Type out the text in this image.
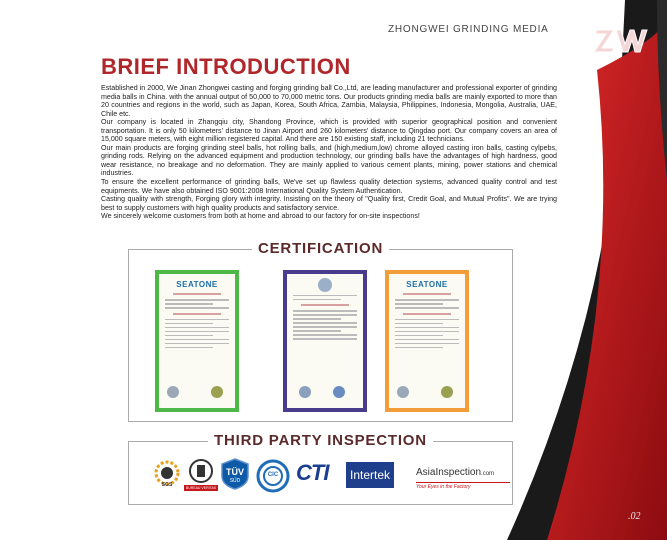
ZHONGWEI GRINDING MEDIA
BRIEF INTRODUCTION

Established in 2000, We Jinan Zhongwei casting and forging grinding ball Co.,Ltd, are leading manufacturer and professional exporter of grinding media balls in China. with the annual output of 50,000 to 70,000 metric tons. Our products grinding media balls are mainly exported to more than 20 countries and regions in the world, such as Japan, Korea, South Africa, Zambia, Malaysia, Philippines, Indonesia, Mongolia, Australia, UAE, Chile etc.

Our company is located in Zhangqiu city, Shandong Province, which is provided with superior geographical position and convenient transportation. It is only 50 kilometers' distance to Jinan Airport and 260 kilometers' distance to Qingdao port. Our company covers an area of 15,000 square meters, with eight million registered capital. And there are 150 existing staff, including 21 technicians.

Our main products are forging grinding steel balls, hot rolling balls, and (high,medium,low) chrome alloyed casting iron balls, casting cylpebs, grinding rods. Relying on the advanced equipment and production technology, our grinding balls have the advantages of high hardness, good wear resistance, no breakage and no deformation. They are mainly applied to various cement plants, mining, power stations and chemical industries.

To ensure the excellent performance of grinding balls, We've set up flawless quality detection systems, advanced quality control and test equipments. We have also obtained ISO 9001:2008 International Quality System Authentication.

Casting quality with strength, Forging glory with integrity. Insisting on the theory of "Quality first, Credit Goal, and Mutual Profits". We are trying best to supply customers with high quality products and satisfactory service.

We sincerely welcome customers from both at home and abroad to our factory for on-site inspections!

CERTIFICATION
SEATONE	SEATONE
THIRD PARTY INSPECTION
SGS	BUREAU VERITAS
TÜV
SÜD
CIC CTI	Intertek	AsiaInspection.com
Your Eyes in the Factory
.02
